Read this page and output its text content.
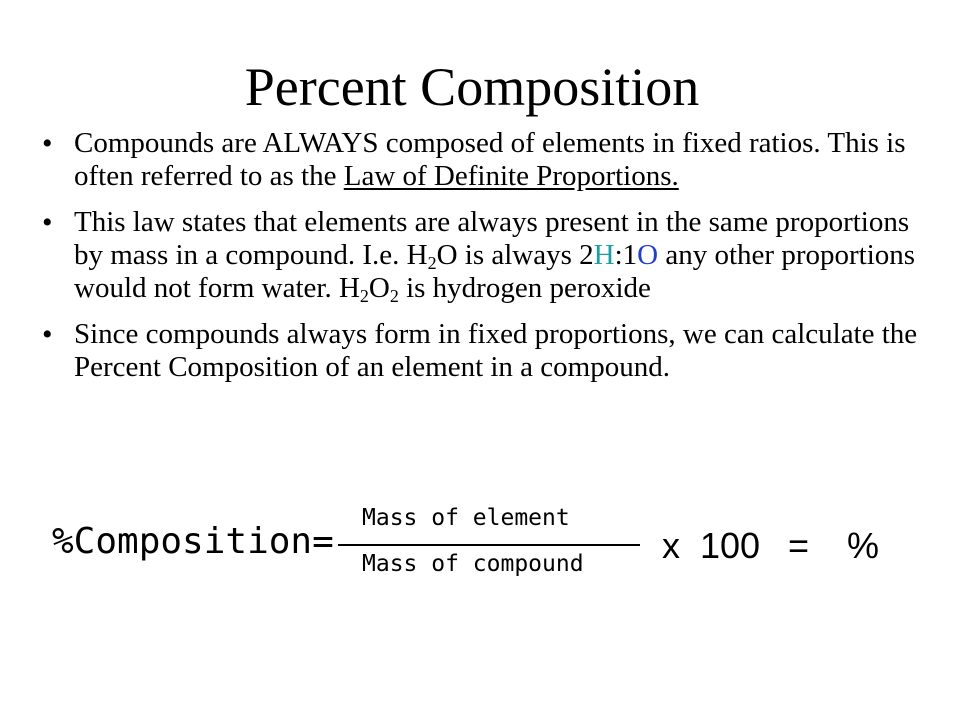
Percent Composition
• Compounds are ALWAYS composed of elements in fixed ratios. This is often referred to as the Law of Definite Proportions.
• This law states that elements are always present in the same proportions by mass in a compound. I.e. $H_2O$ is always 2H:1O any other proportions would not form water. $H_2O_2$ is hydrogen peroxide
• Since compounds always form in fixed proportions, we can calculate the Percent Composition of an element in a compound.
%Composition=
Mass of element
Mass of compound x 100 = %
